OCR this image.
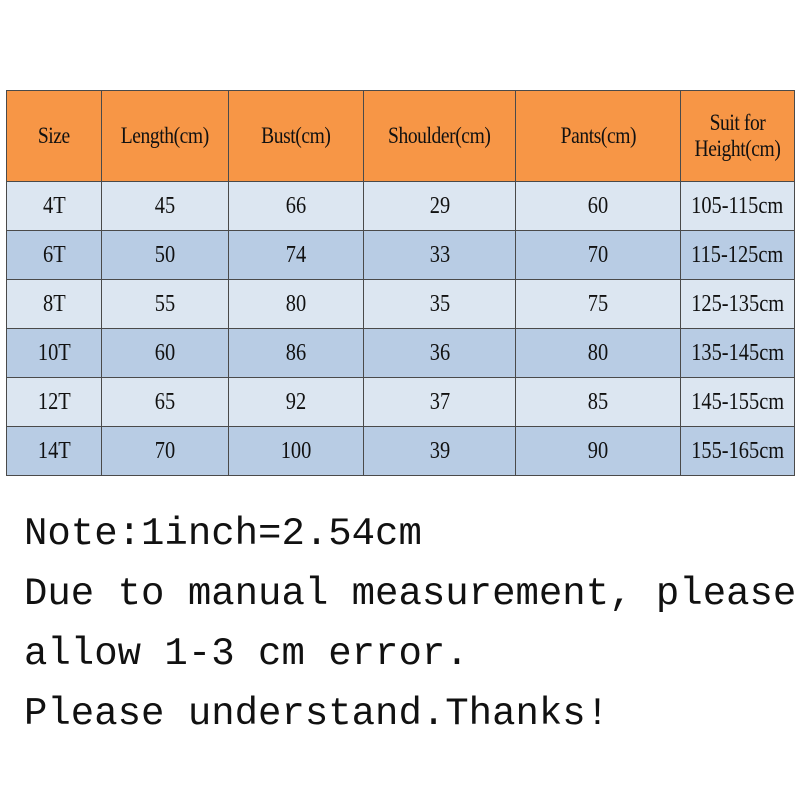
Size	Length(cm)	Bust(cm)	Shoulder(cm)	Pants(cm)	Suit for Height(cm)
4T	45	66	29	60	105-115cm
6T	50	74	33	70	115-125cm
8T	55	80	35	75	125-135cm
10T	60	86	36	80	135-145cm
12T	65	92	37	85	145-155cm
14T	70	100	39	90	155-165cm
Note:1inch=2.54cm
Due to manual measurement, please
allow 1-3 cm error.
Please understand.Thanks!
